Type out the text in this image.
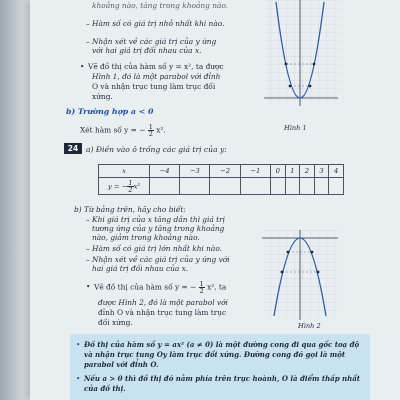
khoảng nào, tăng trong khoảng nào.
– Hàm số có giá trị nhỏ nhất khi nào.
– Nhận xét về các giá trị của y ứng
với hai giá trị đối nhau của x.
• Vẽ đồ thị của hàm số y = x², ta được
Hình 1, đó là một parabol với đỉnh
O và nhận trục tung làm trục đối
xứng.
b) Trường hợp a < 0
Xét hàm số y = − $\frac{1}{2} x^2$.
24	a) Điền vào ô trống các giá trị của y:
x	−4	−3	−2	−1	0	1	2	3	4
y = − $\frac{1}{2} x^2$									
b) Từ bảng trên, hãy cho biết:
– Khi giá trị của x tăng dần thì giá trị
tương ứng của y tăng trong khoảng
nào, giảm trong khoảng nào.
– Hàm số có giá trị lớn nhất khi nào.
– Nhận xét về các giá trị của y ứng với
hai giá trị đối nhau của x.
• Vẽ đồ thị của hàm số y = − $\frac{1}{2} x^2$, ta
được Hình 2, đó là một parabol với
đỉnh O và nhận trục tung làm trục
đối xứng.
Hình 1
Hình 2
• Đồ thị của hàm số y = ax² (a ≠ 0) là một đường cong đi qua gốc toạ độ
và nhận trục tung Oy làm trục đối xứng. Đường cong đó gọi là một
parabol với đỉnh O.
• Nếu a > 0 thì đồ thị đó nằm phía trên trục hoành, O là điểm thấp nhất
của đồ thị.
